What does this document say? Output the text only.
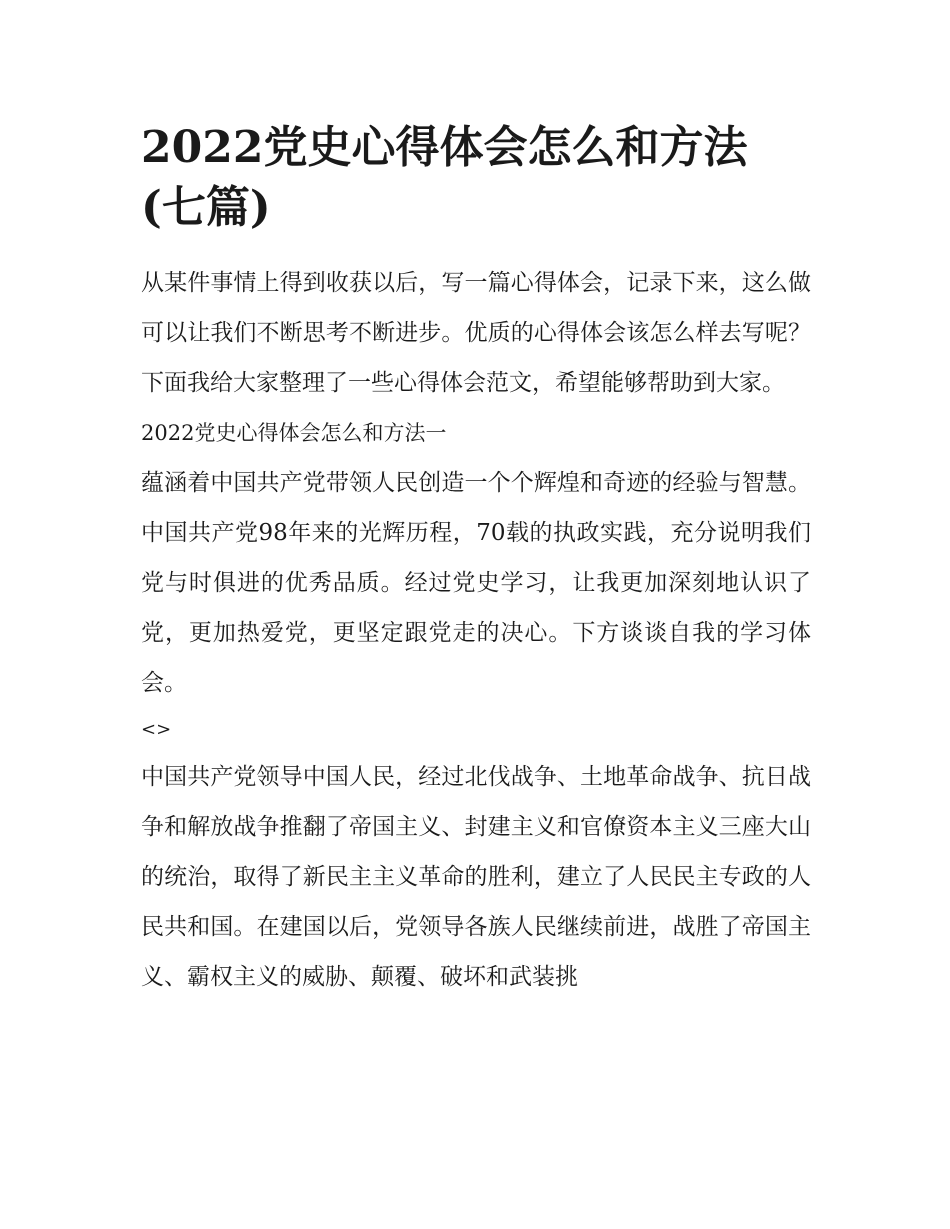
2022党史心得体会怎么和方法(七篇)

从某件事情上得到收获以后，写一篇心得体会，记录下来，这么做可以让我们不断思考不断进步。优质的心得体会该怎么样去写呢？下面我给大家整理了一些心得体会范文，希望能够帮助到大家。

2022党史心得体会怎么和方法一

蕴涵着中国共产党带领人民创造一个个辉煌和奇迹的经验与智慧。中国共产党98年来的光辉历程，70载的执政实践，充分说明我们党与时俱进的优秀品质。经过党史学习，让我更加深刻地认识了党，更加热爱党，更坚定跟党走的决心。下方谈谈自我的学习体会。

<>

中国共产党领导中国人民，经过北伐战争、土地革命战争、抗日战争和解放战争推翻了帝国主义、封建主义和官僚资本主义三座大山的统治，取得了新民主主义革命的胜利，建立了人民民主专政的人民共和国。在建国以后，党领导各族人民继续前进，战胜了帝国主义、霸权主义的威胁、颠覆、破坏和武装挑
